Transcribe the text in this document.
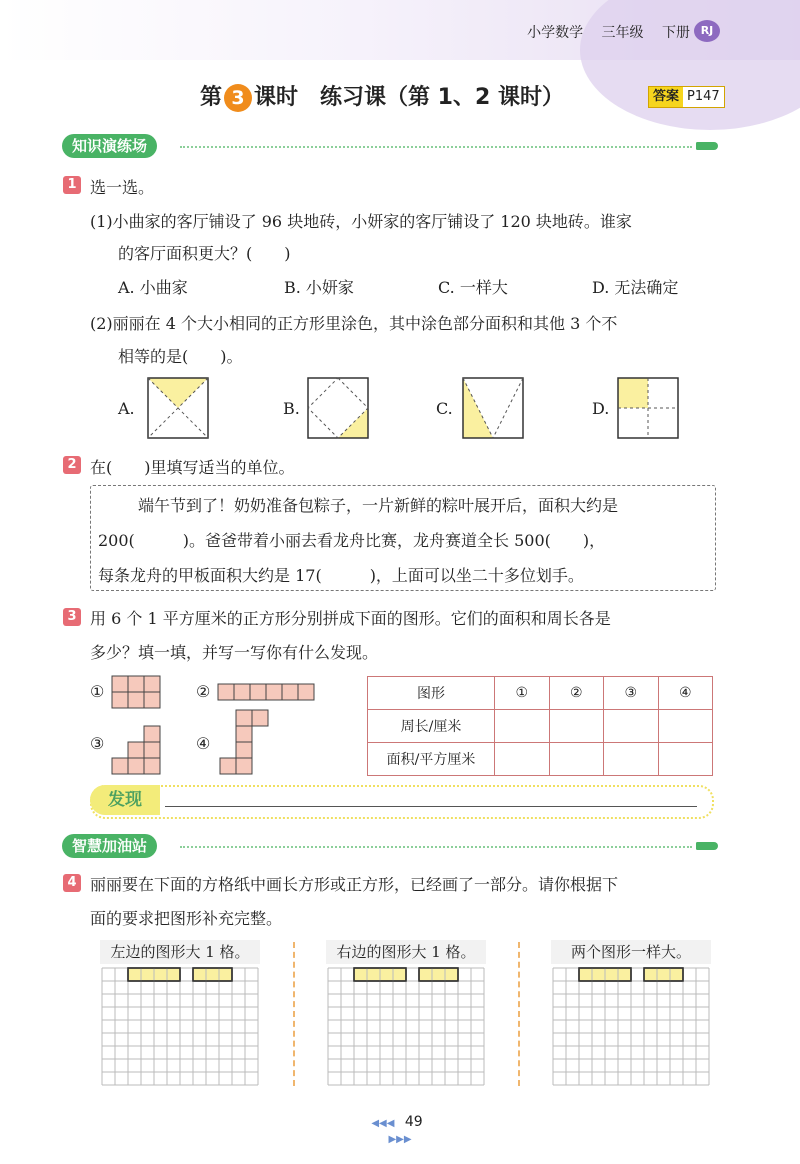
小学数学 三年级 下册 RJ
第 3 课时　练习课（第 1、2 课时）	答案 P147
知识演练场
1 选一选。
(1)小曲家的客厅铺设了 96 块地砖，小妍家的客厅铺设了 120 块地砖。谁家
的客厅面积更大？(　　)
A. 小曲家	B. 小妍家	C. 一样大	D. 无法确定
(2)丽丽在 4 个大小相同的正方形里涂色，其中涂色部分面积和其他 3 个不
相等的是(　　)。
A.	B.	C.	D.
2 在(　　)里填写适当的单位。
端午节到了！奶奶准备包粽子，一片新鲜的粽叶展开后，面积大约是
200(　　　)。爸爸带着小丽去看龙舟比赛，龙舟赛道全长 500(　　)，
每条龙舟的甲板面积大约是 17(　　　)，上面可以坐二十多位划手。
3 用 6 个 1 平方厘米的正方形分别拼成下面的图形。它们的面积和周长各是
多少？填一填，并写一写你有什么发现。
①	②
③	④
图形	①	②	③	④
周长/厘米				
面积/平方厘米				
发现
智慧加油站
4 丽丽要在下面的方格纸中画长方形或正方形，已经画了一部分。请你根据下
面的要求把图形补充完整。
左边的图形大 1 格。	右边的图形大 1 格。	两个图形一样大。
◀◀◀ 49 ▶▶▶
